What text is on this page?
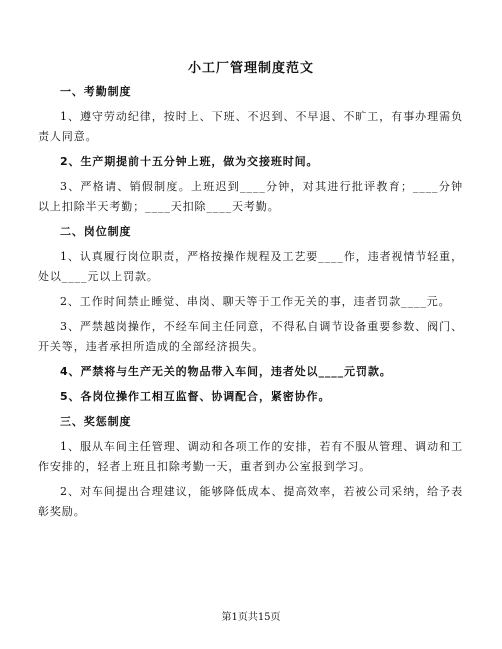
小工厂管理制度范文

一、考勤制度

1、遵守劳动纪律，按时上、下班、不迟到、不早退、不旷工，有事办理需负责人同意。

2、生产期提前十五分钟上班，做为交接班时间。

3、严格请、销假制度。上班迟到____分钟，对其进行批评教育；____分钟以上扣除半天考勤；____天扣除____天考勤。

二、岗位制度

1、认真履行岗位职责，严格按操作规程及工艺要____作，违者视情节轻重，处以____元以上罚款。

2、工作时间禁止睡觉、串岗、聊天等于工作无关的事，违者罚款____元。

3、严禁越岗操作，不经车间主任同意，不得私自调节设备重要参数、阀门、开关等，违者承担所造成的全部经济损失。

4、严禁将与生产无关的物品带入车间，违者处以____元罚款。

5、各岗位操作工相互监督、协调配合，紧密协作。

三、奖惩制度

1、服从车间主任管理、调动和各项工作的安排，若有不服从管理、调动和工作安排的，轻者上班且扣除考勤一天，重者到办公室报到学习。

2、对车间提出合理建议，能够降低成本、提高效率，若被公司采纳，给予表彰奖励。

第1页共15页
